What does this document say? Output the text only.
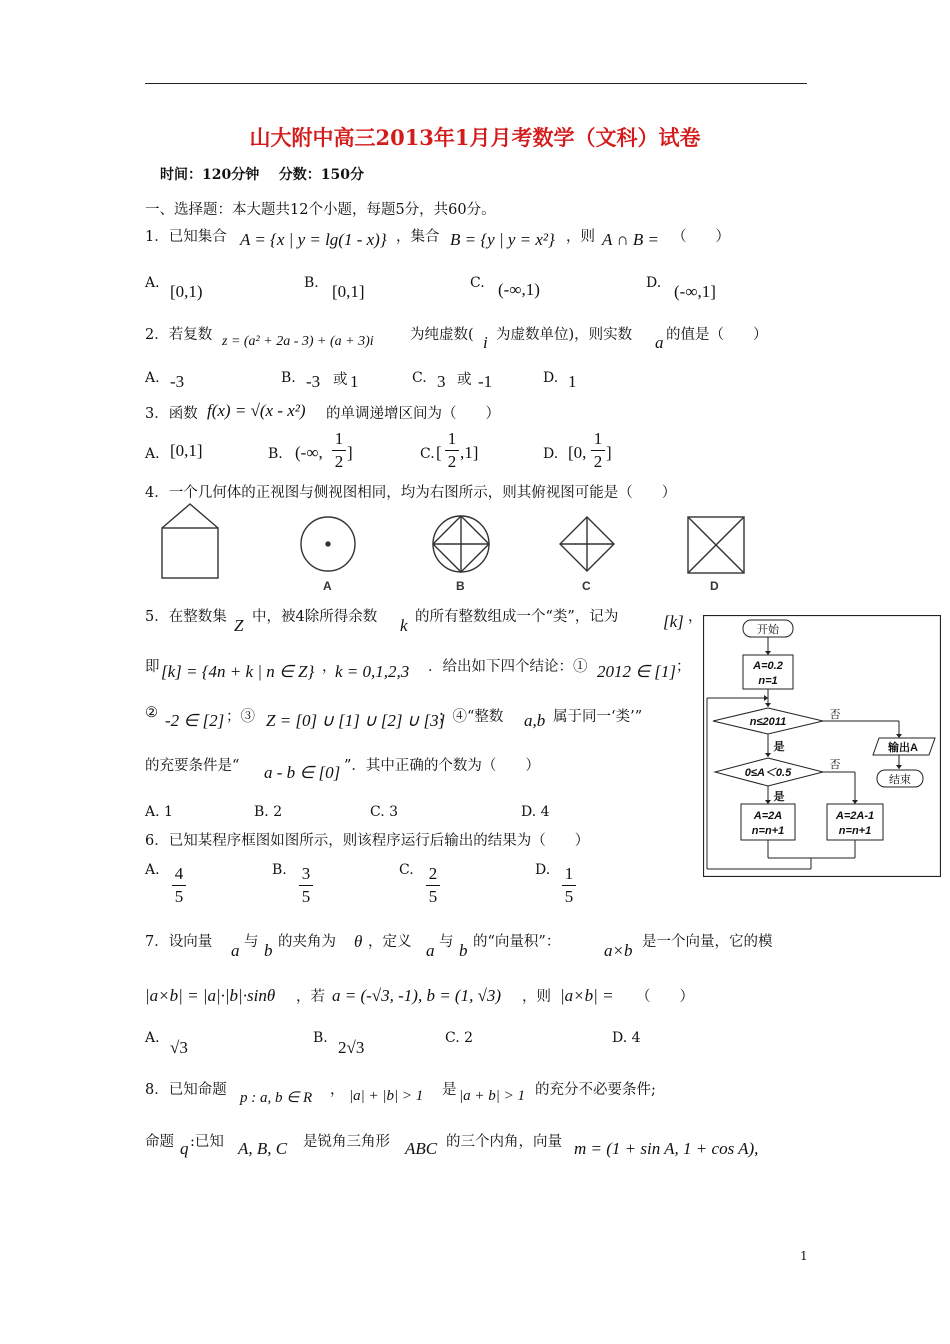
山大附中高三2013年1月月考数学（文科）试卷
时间：120分钟    分数：150分
一、选择题：本大题共12个小题，每题5分，共60分。
1．已知集合 A = {x | y = lg(1 - x)} ，集合 B = {y | y = x²} ，则 A ∩ B = （　　）
A. [0,1)	B. [0,1]	C. (-∞,1)	D. (-∞,1]
2．若复数 z = (a² + 2a - 3) + (a + 3)i	为纯虚数( i 为虚数单位)，则实数 a 的值是（　　）
A. -3	B. -3 或 1	C. 3 或 -1	D. 1
3．函数 f(x) = √(x - x²) 的单调递增区间为（　　）
A. [0,1]	B. (-∞,
1
2 ]	C. [
1
2 ,1]	D. [0,
1
2 ]
4．一个几何体的正视图与侧视图相同，均为右图所示，则其俯视图可能是（　　）
A	B	C	D
5．在整数集 Z 中，被4除所得余数 k 的所有整数组成一个“类”，记为	[k] ，
即 [k] = {4n + k | n ∈ Z} ，
k = 0,1,2,3 ．给出如下四个结论：① 2012 ∈ [1] ；
② -2 ∈ [2] ；③ Z = [0] ∪ [1] ∪ [2] ∪ [3]
；④“整数 a,b 属于同一‘类’”
的充要条件是“ a - b ∈ [0] ”．其中正确的个数为（　　）
A. 1	B. 2	C. 3	D. 4
开始
A=0.2
n=1
n≤2011
否
是	输出A
结束
0≤A＜0.5
否
是
A=2A
n=n+1
A=2A-1
n=n+1
6．已知某程序框图如图所示，则该程序运行后输出的结果为（　　）
A. 4
5
B. 3
5
C. 2
5
D. 1
5
7．设向量 a 与 b 的夹角为 θ ，定义 a 与 b 的“向量积”：	a×b 是一个向量，它的模
|a×b| = |a|·|b|·sinθ ，若 a = (-√3, -1), b = (1, √3) ，则 |a×b| = （　　）
A. √3	B. 2√3	C. 2	D. 4
8．已知命题 p : a, b ∈ R ， |a| + |b| > 1 是 |a + b| > 1 的充分不必要条件;
命题 q :已知 A, B, C 是锐角三角形 ABC 的三个内角，向量 m = (1 + sin A, 1 + cos A),
1
